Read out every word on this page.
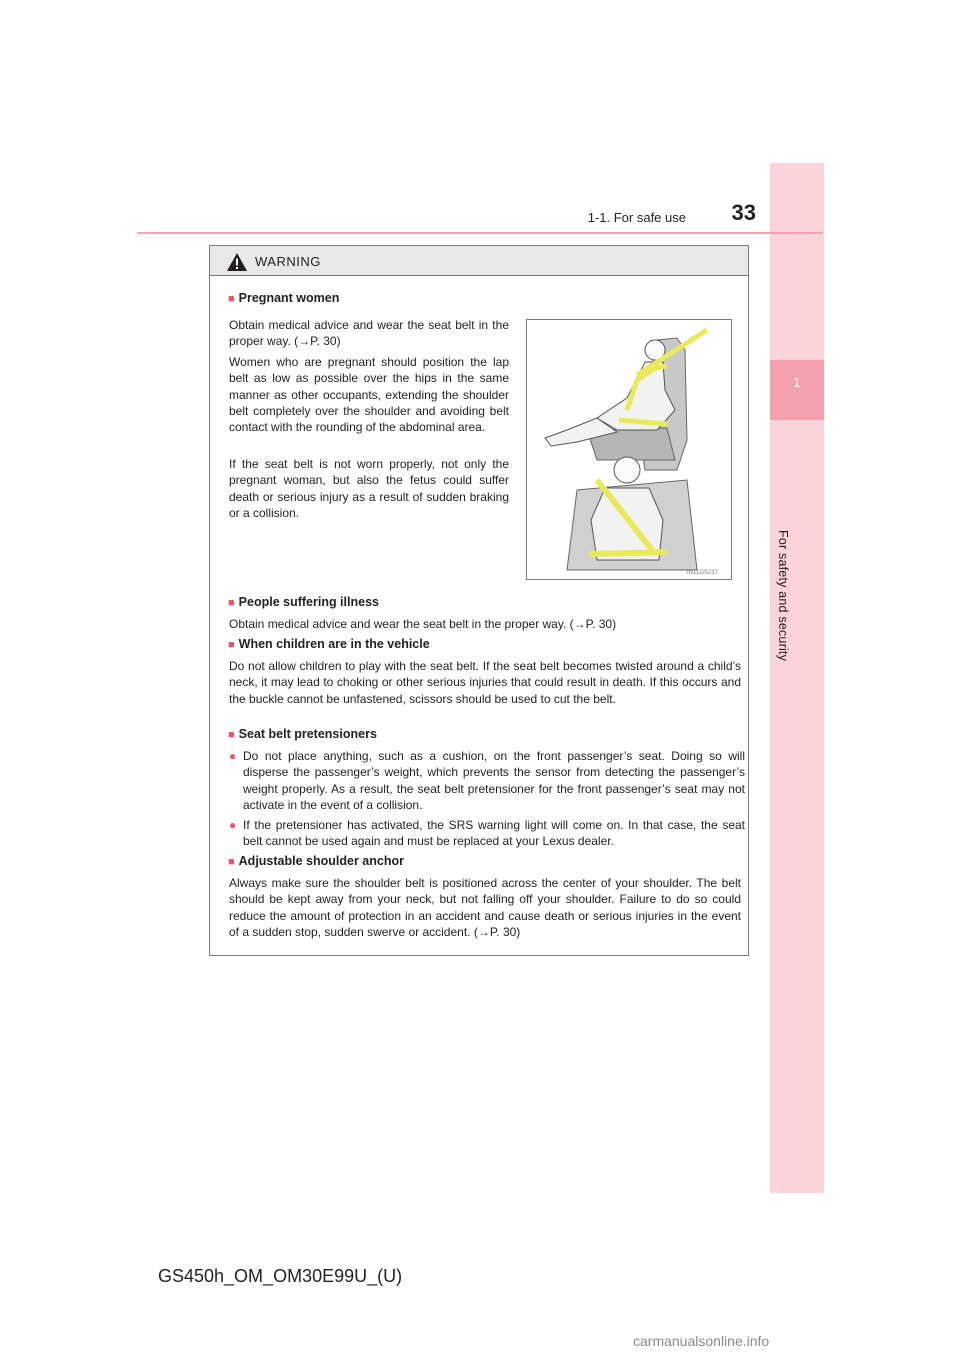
1
For safety and security
1-1. For safe use	33
WARNING
■ Pregnant women

Obtain medical advice and wear the seat belt in the proper way. (→P. 30)

Women who are pregnant should position the lap belt as low as possible over the hips in the same manner as other occupants, extending the shoulder belt completely over the shoulder and avoiding belt contact with the rounding of the abdominal area.

If the seat belt is not worn properly, not only the pregnant woman, but also the fetus could suffer death or serious injury as a result of sudden braking or a collision.

IN11GS237
■ People suffering illness

Obtain medical advice and wear the seat belt in the proper way. (→P. 30)

■ When children are in the vehicle

Do not allow children to play with the seat belt. If the seat belt becomes twisted around a child’s neck, it may lead to choking or other serious injuries that could result in death. If this occurs and the buckle cannot be unfastened, scissors should be used to cut the belt.

■ Seat belt pretensioners
● Do not place anything, such as a cushion, on the front passenger’s seat. Doing so will disperse the passenger’s weight, which prevents the sensor from detecting the passenger’s weight properly. As a result, the seat belt pretensioner for the front passenger’s seat may not activate in the event of a collision.
● If the pretensioner has activated, the SRS warning light will come on. In that case, the seat belt cannot be used again and must be replaced at your Lexus dealer.
■ Adjustable shoulder anchor

Always make sure the shoulder belt is positioned across the center of your shoulder. The belt should be kept away from your neck, but not falling off your shoulder. Failure to do so could reduce the amount of protection in an accident and cause death or serious injuries in the event of a sudden stop, sudden swerve or accident. (→P. 30)

GS450h_OM_OM30E99U_(U)
carmanualsonline.info
